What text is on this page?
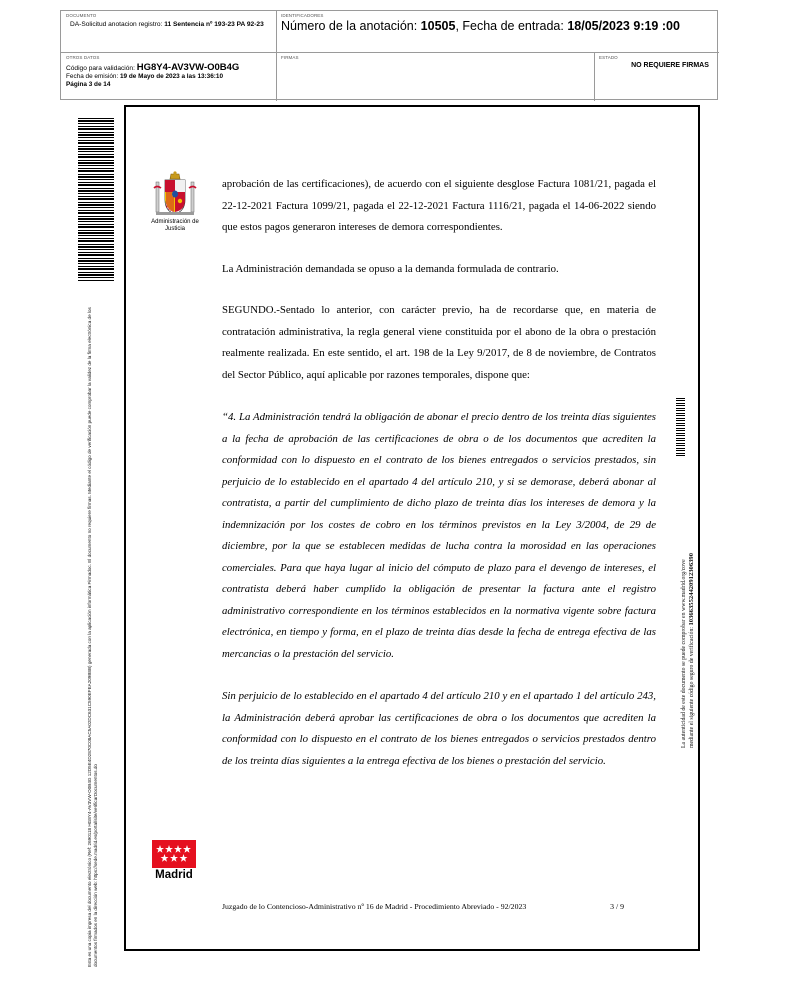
DOCUMENTO
DA-Solicitud anotacion registro: 11 Sentencia nº 193-23 PA 92-23
IDENTIFICADORES
Número de la anotación: 10505, Fecha de entrada: 18/05/2023 9:19 :00
OTROS DATOS
Código para validación: HG8Y4-AV3VW-O0B4G
Fecha de emisión: 19 de Mayo de 2023 a las 13:36:10
Página 3 de 14
FIRMAS	ESTADO
NO REQUIERE FIRMAS
Esta es una copia impresa del documento electrónico (Ref: 2690118 HG8Y4-AV3VW-O0B4G 12D5E4D2870C08AC5A02DC631C590EFEA209B8B) generada con la aplicación informática Firmadoc. El documento no requiere firmas. Mediante el código de verificación puede comprobar la validez de la firma electrónica de los documentos firmados en la dirección web: https://sede.madrid.es/portal/site/verificarDocumentos.do
Administración de Justicia
Madrid

aprobación de las certificaciones), de acuerdo con el siguiente desglose Factura 1081/21, pagada el 22-12-2021 Factura 1099/21, pagada el 22-12-2021 Factura 1116/21, pagada el 14-06-2022 siendo que estos pagos generaron intereses de demora correspondientes.

La Administración demandada se opuso a la demanda formulada de contrario.

SEGUNDO.-Sentado lo anterior, con carácter previo, ha de recordarse que, en materia de contratación administrativa, la regla general viene constituida por el abono de la obra o prestación realmente realizada. En este sentido, el art. 198 de la Ley 9/2017, de 8 de noviembre, de Contratos del Sector Público, aquí aplicable por razones temporales, dispone que:

“4. La Administración tendrá la obligación de abonar el precio dentro de los treinta días siguientes a la fecha de aprobación de las certificaciones de obra o de los documentos que acrediten la conformidad con lo dispuesto en el contrato de los bienes entregados o servicios prestados, sin perjuicio de lo establecido en el apartado 4 del artículo 210, y si se demorase, deberá abonar al contratista, a partir del cumplimiento de dicho plazo de treinta días los intereses de demora y la indemnización por los costes de cobro en los términos previstos en la Ley 3/2004, de 29 de diciembre, por la que se establecen medidas de lucha contra la morosidad en las operaciones comerciales. Para que haya lugar al inicio del cómputo de plazo para el devengo de intereses, el contratista deberá haber cumplido la obligación de presentar la factura ante el registro administrativo correspondiente en los términos establecidos en la normativa vigente sobre factura electrónica, en tiempo y forma, en el plazo de treinta días desde la fecha de entrega efectiva de las mercancias o la prestación del servicio.

Sin perjuicio de lo establecido en el apartado 4 del artículo 210 y en el apartado 1 del artículo 243, la Administración deberá aprobar las certificaciones de obra o los documentos que acrediten la conformidad con lo dispuesto en el contrato de los bienes entregados o servicios prestados dentro de los treinta días siguientes a la entrega efectiva de los bienes o prestación del servicio.

Juzgado de lo Contencioso-Administrativo nº 16 de Madrid - Procedimiento Abreviado - 92/2023	3 / 9
La autenticidad de este documento se puede comprobar en www.madrid.org/cove mediante el siguiente código seguro de verificación: 1036635524420912306390
